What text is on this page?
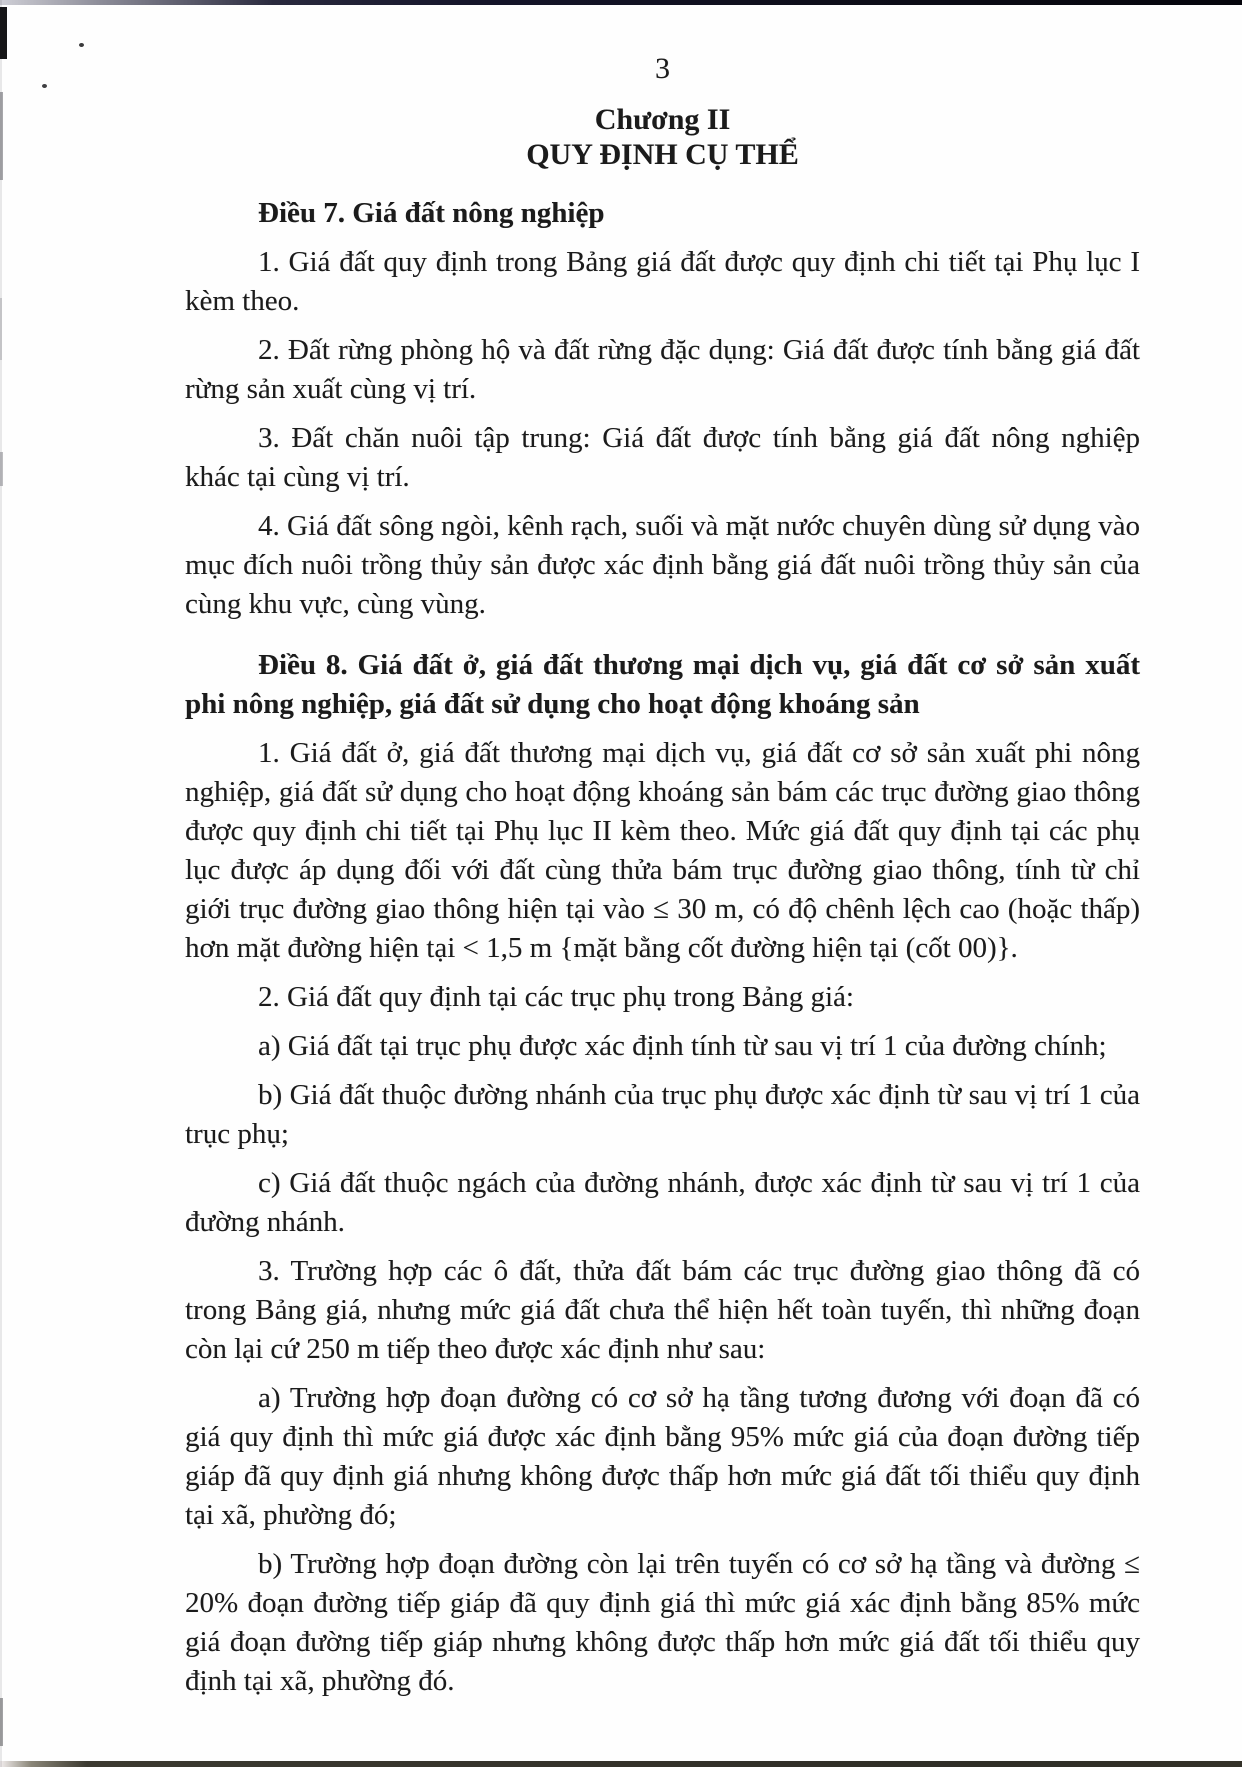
3
Chương II
QUY ĐỊNH CỤ THỂ

Điều 7. Giá đất nông nghiệp

1. Giá đất quy định trong Bảng giá đất được quy định chi tiết tại Phụ lục I kèm theo.

2. Đất rừng phòng hộ và đất rừng đặc dụng: Giá đất được tính bằng giá đất rừng sản xuất cùng vị trí.

3. Đất chăn nuôi tập trung: Giá đất được tính bằng giá đất nông nghiệp khác tại cùng vị trí.

4. Giá đất sông ngòi, kênh rạch, suối và mặt nước chuyên dùng sử dụng vào mục đích nuôi trồng thủy sản được xác định bằng giá đất nuôi trồng thủy sản của cùng khu vực, cùng vùng.

Điều 8. Giá đất ở, giá đất thương mại dịch vụ, giá đất cơ sở sản xuất phi nông nghiệp, giá đất sử dụng cho hoạt động khoáng sản

1. Giá đất ở, giá đất thương mại dịch vụ, giá đất cơ sở sản xuất phi nông nghiệp, giá đất sử dụng cho hoạt động khoáng sản bám các trục đường giao thông được quy định chi tiết tại Phụ lục II kèm theo. Mức giá đất quy định tại các phụ lục được áp dụng đối với đất cùng thửa bám trục đường giao thông, tính từ chỉ giới trục đường giao thông hiện tại vào ≤ 30 m, có độ chênh lệch cao (hoặc thấp) hơn mặt đường hiện tại < 1,5 m {mặt bằng cốt đường hiện tại (cốt 00)}.

2. Giá đất quy định tại các trục phụ trong Bảng giá:

a) Giá đất tại trục phụ được xác định tính từ sau vị trí 1 của đường chính;

b) Giá đất thuộc đường nhánh của trục phụ được xác định từ sau vị trí 1 của trục phụ;

c) Giá đất thuộc ngách của đường nhánh, được xác định từ sau vị trí 1 của đường nhánh.

3. Trường hợp các ô đất, thửa đất bám các trục đường giao thông đã có trong Bảng giá, nhưng mức giá đất chưa thể hiện hết toàn tuyến, thì những đoạn còn lại cứ 250 m tiếp theo được xác định như sau:

a) Trường hợp đoạn đường có cơ sở hạ tầng tương đương với đoạn đã có giá quy định thì mức giá được xác định bằng 95% mức giá của đoạn đường tiếp giáp đã quy định giá nhưng không được thấp hơn mức giá đất tối thiểu quy định tại xã, phường đó;

b) Trường hợp đoạn đường còn lại trên tuyến có cơ sở hạ tầng và đường ≤ 20% đoạn đường tiếp giáp đã quy định giá thì mức giá xác định bằng 85% mức giá đoạn đường tiếp giáp nhưng không được thấp hơn mức giá đất tối thiểu quy định tại xã, phường đó.
